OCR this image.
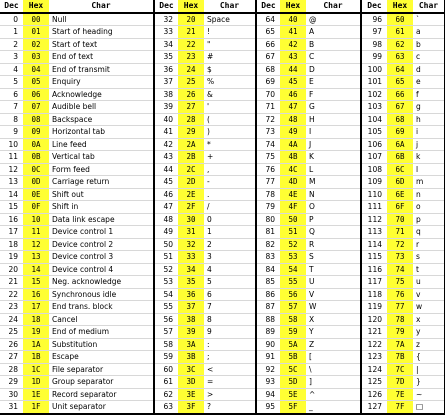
Dec	Hex	Char	Dec	Hex	Char	Dec	Hex	Char	Dec	Hex	Char
0	00	Null	32	20	Space	64	40	@	96	60	`
1	01	Start of heading	33	21	!	65	41	A	97	61	a
2	02	Start of text	34	22	"	66	42	B	98	62	b
3	03	End of text	35	23	#	67	43	C	99	63	c
4	04	End of transmit	36	24	$	68	44	D	100	64	d
5	05	Enquiry	37	25	%	69	45	E	101	65	e
6	06	Acknowledge	38	26	&	70	46	F	102	66	f
7	07	Audible bell	39	27	'	71	47	G	103	67	g
8	08	Backspace	40	28	(	72	48	H	104	68	h
9	09	Horizontal tab	41	29	)	73	49	I	105	69	i
10	0A	Line feed	42	2A	*	74	4A	J	106	6A	j
11	0B	Vertical tab	43	2B	+	75	4B	K	107	6B	k
12	0C	Form feed	44	2C	,	76	4C	L	108	6C	l
13	0D	Carriage return	45	2D	-	77	4D	M	109	6D	m
14	0E	Shift out	46	2E	.	78	4E	N	110	6E	n
15	0F	Shift in	47	2F	/	79	4F	O	111	6F	o
16	10	Data link escape	48	30	0	80	50	P	112	70	p
17	11	Device control 1	49	31	1	81	51	Q	113	71	q
18	12	Device control 2	50	32	2	82	52	R	114	72	r
19	13	Device control 3	51	33	3	83	53	S	115	73	s
20	14	Device control 4	52	34	4	84	54	T	116	74	t
21	15	Neg. acknowledge	53	35	5	85	55	U	117	75	u
22	16	Synchronous idle	54	36	6	86	56	V	118	76	v
23	17	End trans. block	55	37	7	87	57	W	119	77	w
24	18	Cancel	56	38	8	88	58	X	120	78	x
25	19	End of medium	57	39	9	89	59	Y	121	79	y
26	1A	Substitution	58	3A	:	90	5A	Z	122	7A	z
27	1B	Escape	59	3B	;	91	5B	[	123	7B	{
28	1C	File separator	60	3C	<	92	5C	\	124	7C	|
29	1D	Group separator	61	3D	=	93	5D	]	125	7D	}
30	1E	Record separator	62	3E	>	94	5E	^	126	7E	~
31	1F	Unit separator	63	3F	?	95	5F	_	127	7F	□
